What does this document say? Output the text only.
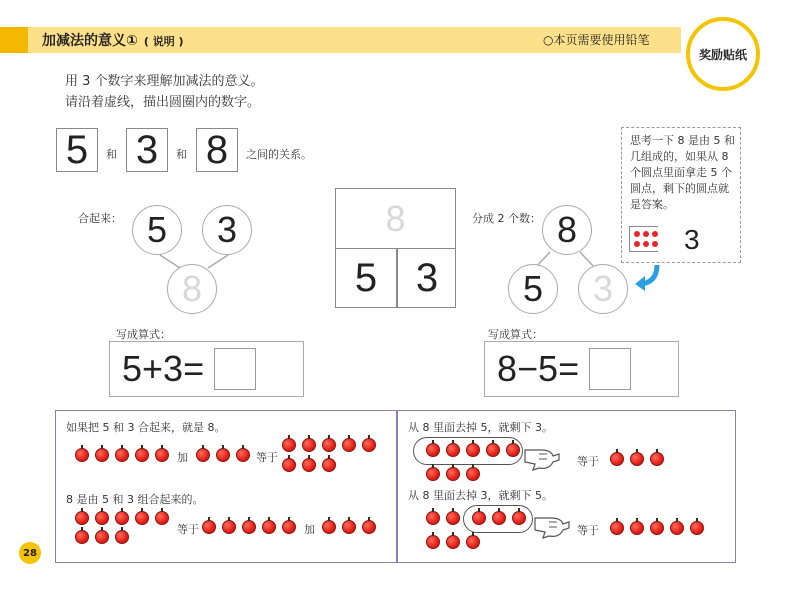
加减法的意义① ( 说明 )	○本页需要使用铅笔
奖励贴纸
用 3 个数字来理解加减法的意义。
请沿着虚线，描出圆圈内的数字。
5	和 3	和 8	之间的关系。
合起来： 5	3
8
8
5 3
分成 2 个数： 8
5	3
思考一下 8 是由 5 和几组成的，如果从 8 个圆点里面拿走 5 个圆点，剩下的圆点就是答案。
3
写成算式：
5+3=
写成算式：
8−5=
如果把 5 和 3 合起来，就是 8。
加	等于
8 是由 5 和 3 组合起来的。
等于	加
从 8 里面去掉 5，就剩下 3。
等于
从 8 里面去掉 3，就剩下 5。
等于
28
